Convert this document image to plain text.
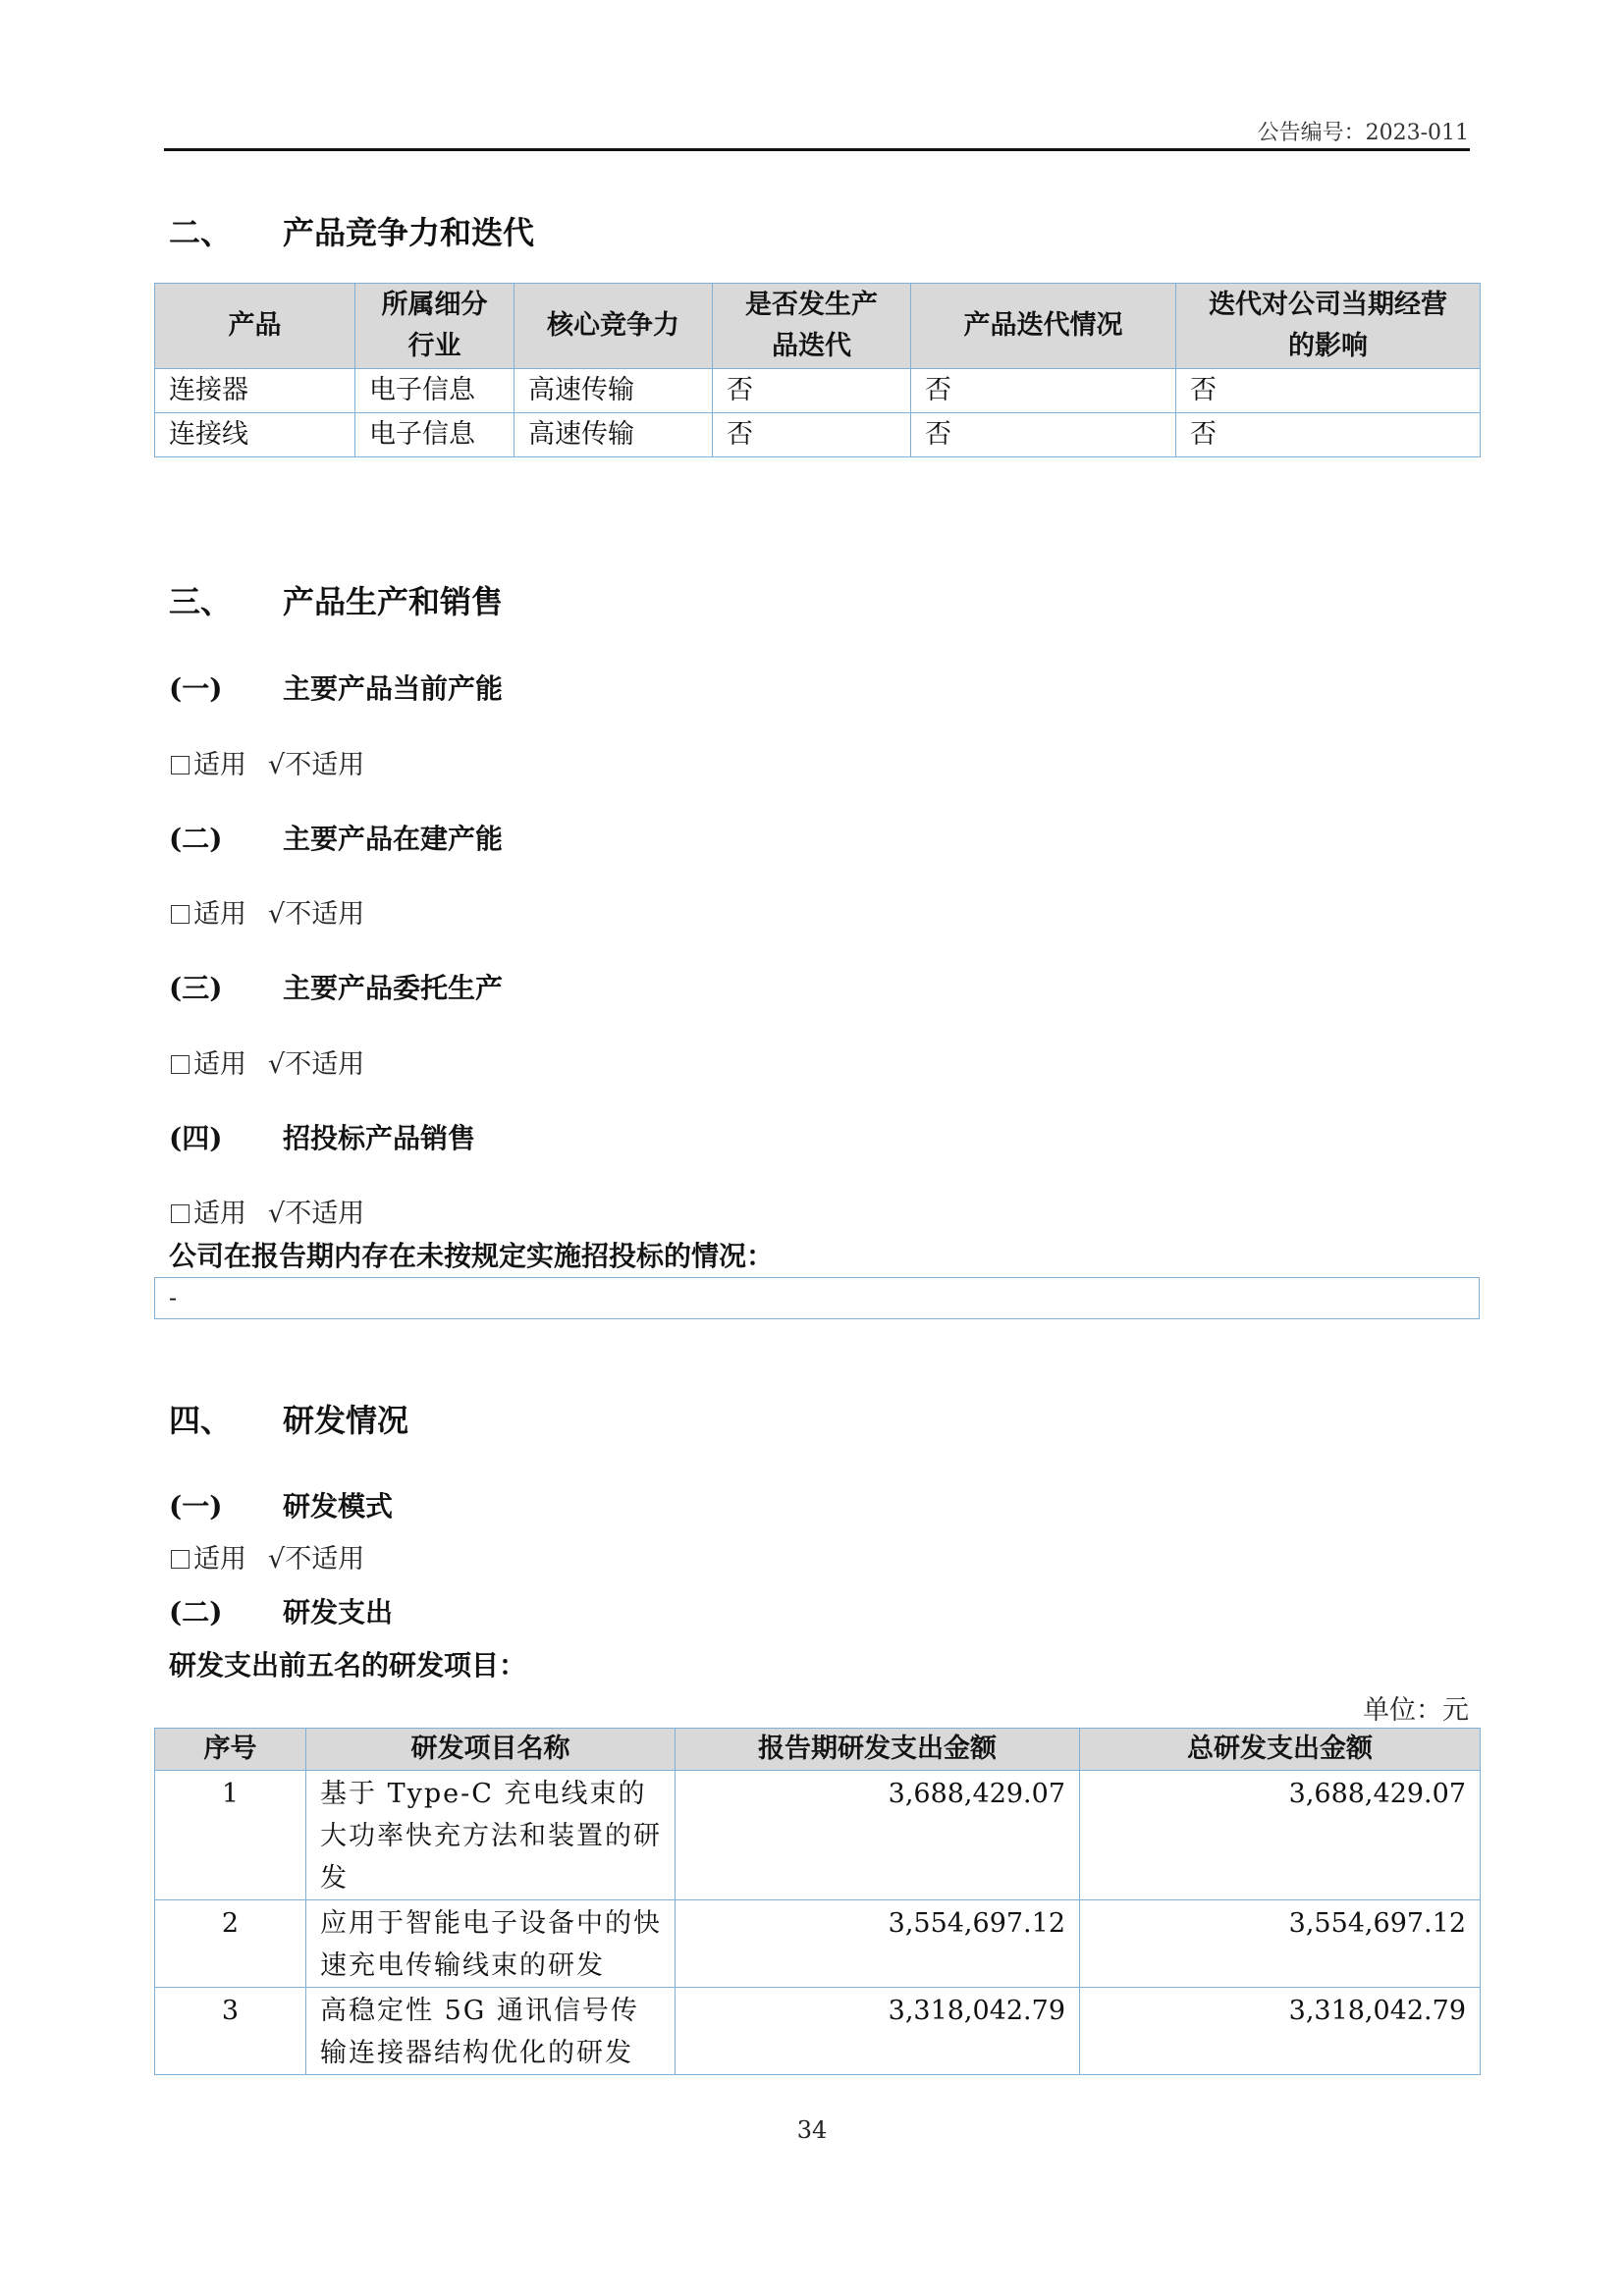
公告编号：2023-011
二、 产品竞争力和迭代
产品	所属细分行业	核心竞争力	是否发生产品迭代	产品迭代情况	迭代对公司当期经营的影响
连接器	电子信息	高速传输	否	否	否
连接线	电子信息	高速传输	否	否	否
三、 产品生产和销售
(一) 主要产品当前产能
适用 √不适用
(二) 主要产品在建产能
适用 √不适用
(三) 主要产品委托生产
适用 √不适用
(四) 招投标产品销售
适用 √不适用
公司在报告期内存在未按规定实施招投标的情况：
-
四、 研发情况
(一) 研发模式
适用 √不适用
(二) 研发支出
研发支出前五名的研发项目：
单位：元
序号	研发项目名称	报告期研发支出金额	总研发支出金额
1	基于 Type-C 充电线束的大功率快充方法和装置的研发	3,688,429.07	3,688,429.07
2	应用于智能电子设备中的快速充电传输线束的研发	3,554,697.12	3,554,697.12
3	高稳定性 5G 通讯信号传输连接器结构优化的研发	3,318,042.79	3,318,042.79
34
